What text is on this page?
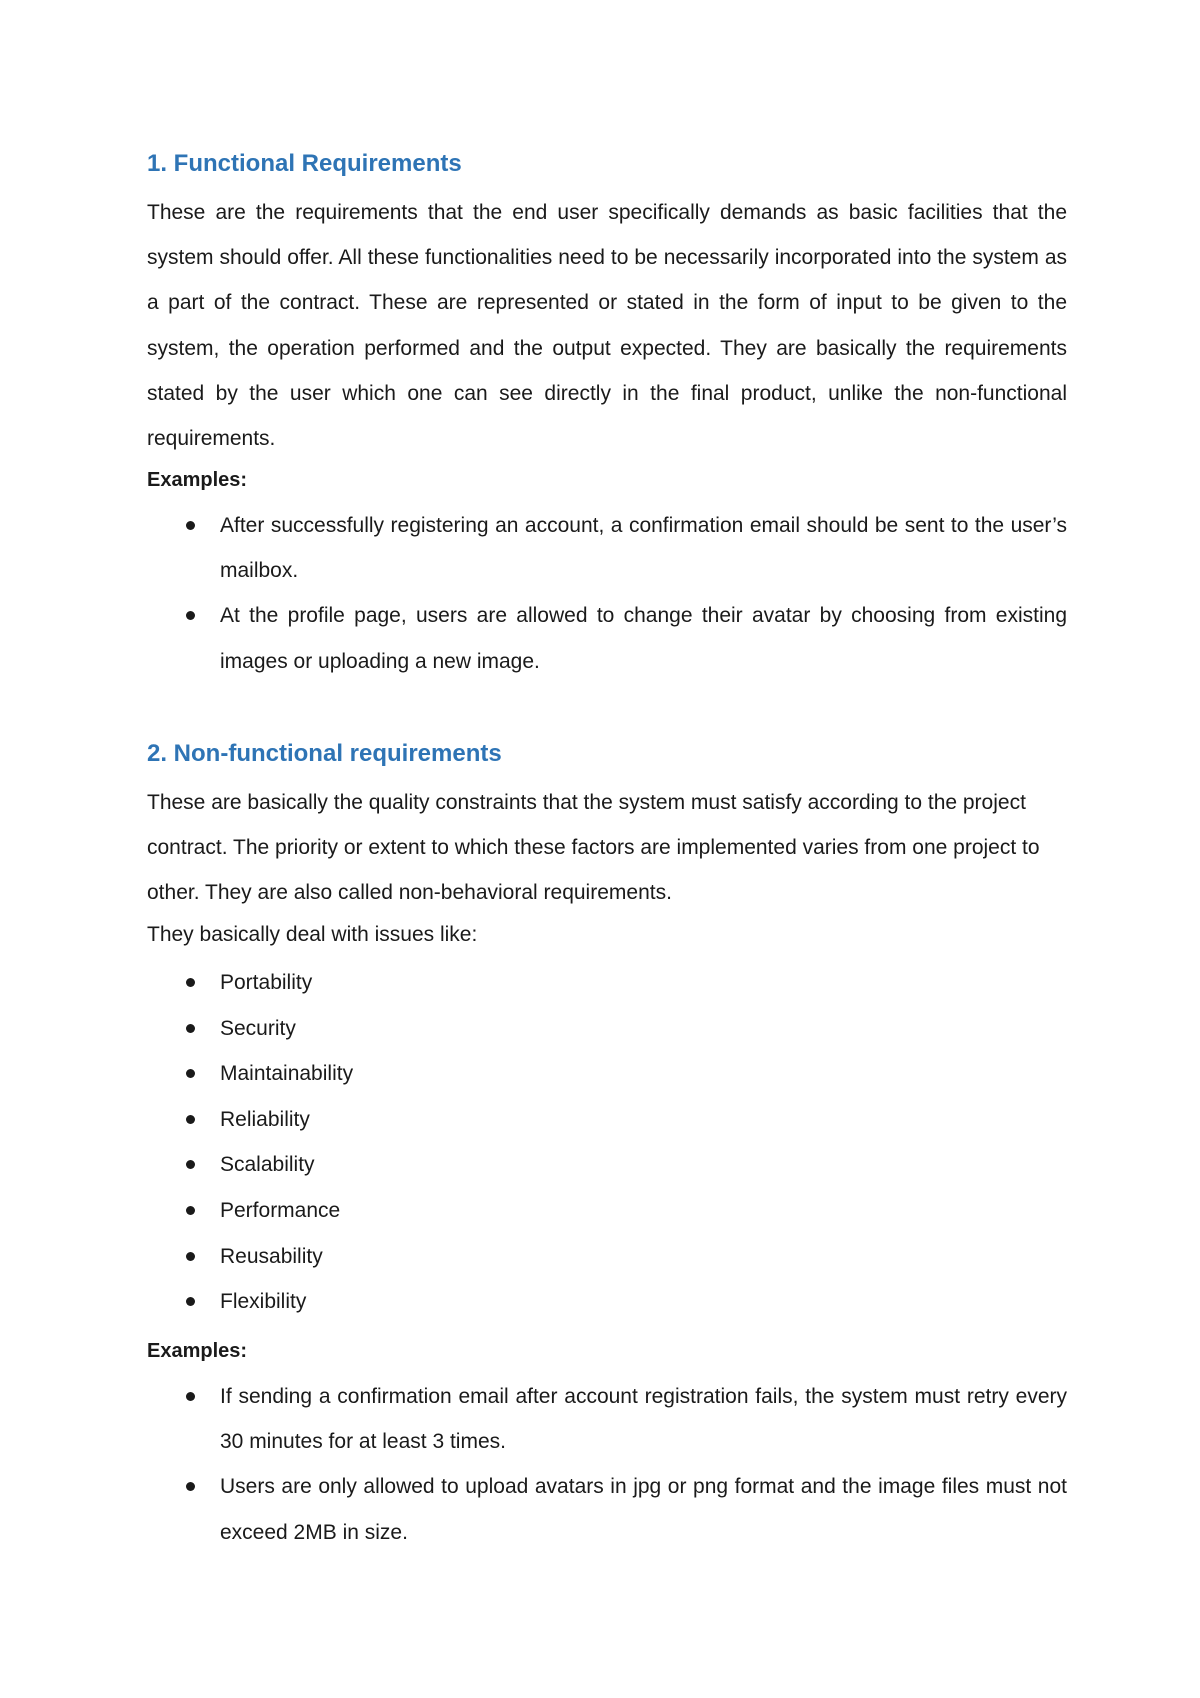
1. Functional Requirements

These are the requirements that the end user specifically demands as basic facilities that the system should offer. All these functionalities need to be necessarily incorporated into the system as a part of the contract. These are represented or stated in the form of input to be given to the system, the operation performed and the output expected. They are basically the requirements stated by the user which one can see directly in the final product, unlike the non-functional requirements.

Examples:

After successfully registering an account, a confirmation email should be sent to the user’s mailbox.
At the profile page, users are allowed to change their avatar by choosing from existing images or uploading a new image.
2. Non-functional requirements

These are basically the quality constraints that the system must satisfy according to the project contract. The priority or extent to which these factors are implemented varies from one project to other. They are also called non-behavioral requirements.

They basically deal with issues like:

Portability
Security
Maintainability
Reliability
Scalability
Performance
Reusability
Flexibility

Examples:

If sending a confirmation email after account registration fails, the system must retry every 30 minutes for at least 3 times.
Users are only allowed to upload avatars in jpg or png format and the image files must not exceed 2MB in size.
